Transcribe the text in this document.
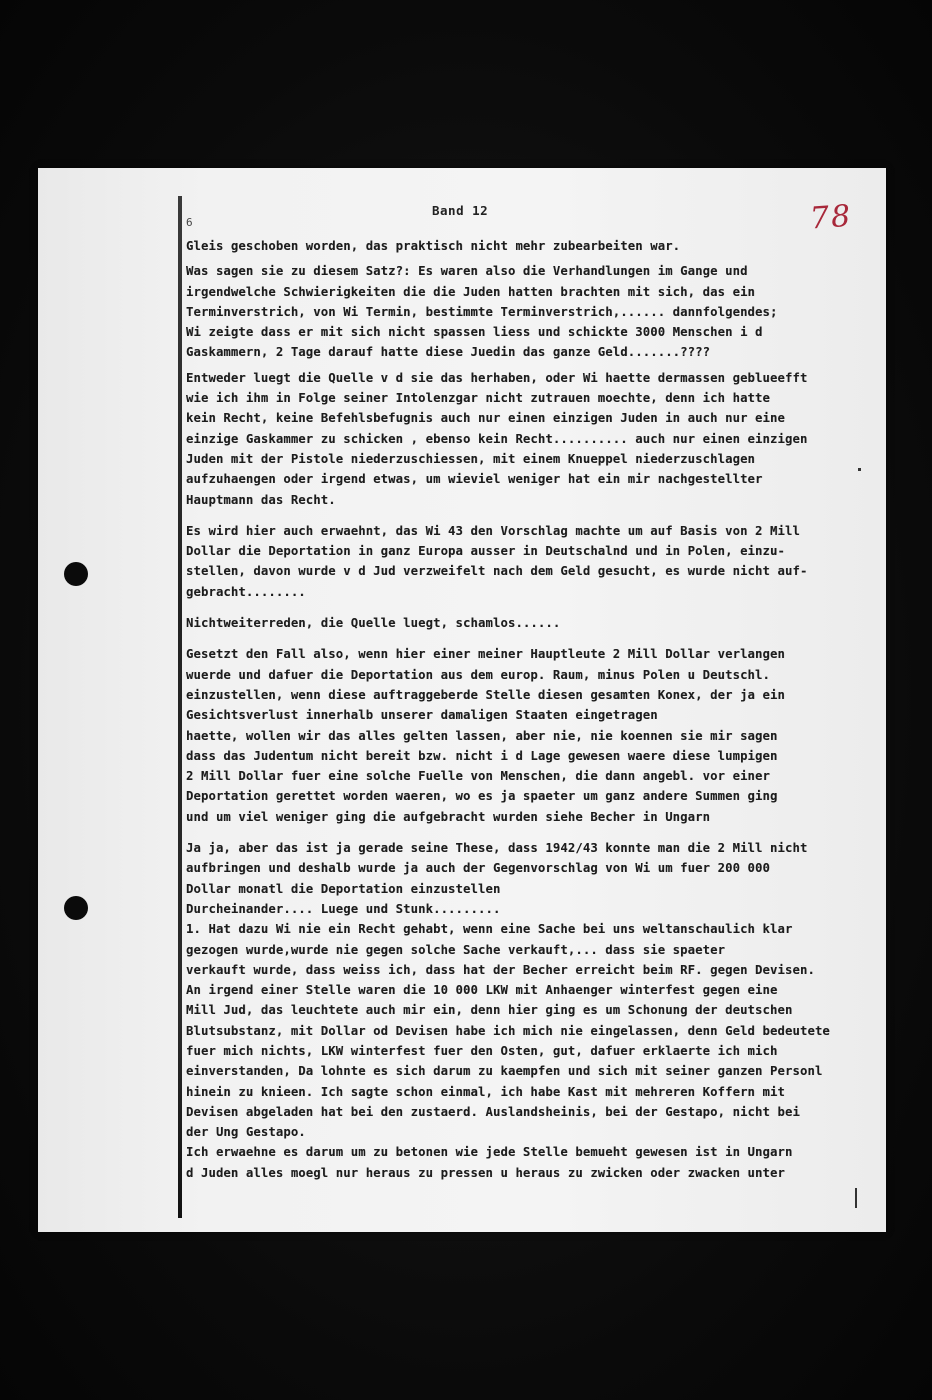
6
Band 12	78
Gleis geschoben worden, das praktisch nicht mehr zubearbeiten war.
Was sagen sie zu diesem Satz?: Es waren also die Verhandlungen im Gange und
irgendwelche Schwierigkeiten die die Juden hatten brachten mit sich, das ein
Terminverstrich, von Wi Termin, bestimmte Terminverstrich,...... dannfolgendes;
Wi zeigte dass er mit sich nicht spassen liess und schickte 3000 Menschen i d
Gaskammern, 2 Tage darauf hatte diese Juedin das ganze Geld.......????
Entweder luegt die Quelle v d sie das herhaben, oder Wi haette dermassen geblueefft
wie ich ihm in Folge seiner Intolenzgar nicht zutrauen moechte, denn ich hatte
kein Recht, keine Befehlsbefugnis auch nur einen einzigen Juden in auch nur eine
einzige Gaskammer zu schicken , ebenso kein Recht.......... auch nur einen einzigen
Juden mit der Pistole niederzuschiessen, mit einem Knueppel niederzuschlagen
aufzuhaengen oder irgend etwas, um wieviel weniger hat ein mir nachgestellter
Hauptmann das Recht.
Es wird hier auch erwaehnt, das Wi 43 den Vorschlag machte um auf Basis von 2 Mill
Dollar die Deportation in ganz Europa ausser in Deutschalnd und in Polen, einzu-
stellen, davon wurde v d Jud verzweifelt nach dem Geld gesucht, es wurde nicht auf-
gebracht........
Nichtweiterreden, die Quelle luegt, schamlos......
Gesetzt den Fall also, wenn hier einer meiner Hauptleute 2 Mill Dollar verlangen
wuerde und dafuer die Deportation aus dem europ. Raum, minus Polen u Deutschl.
einzustellen, wenn diese auftraggeberde Stelle diesen gesamten Konex, der ja ein
Gesichtsverlust innerhalb unserer damaligen Staaten eingetragen
haette, wollen wir das alles gelten lassen, aber nie, nie koennen sie mir sagen
dass das Judentum nicht bereit bzw. nicht i d Lage gewesen waere diese lumpigen
2 Mill Dollar fuer eine solche Fuelle von Menschen, die dann angebl. vor einer
Deportation gerettet worden waeren, wo es ja spaeter um ganz andere Summen ging
und um viel weniger ging die aufgebracht wurden siehe Becher in Ungarn
Ja ja, aber das ist ja gerade seine These, dass 1942/43 konnte man die 2 Mill nicht
aufbringen und deshalb wurde ja auch der Gegenvorschlag von Wi um fuer 200 000
Dollar monatl die Deportation einzustellen
Durcheinander.... Luege und Stunk.........
1. Hat dazu Wi nie ein Recht gehabt, wenn eine Sache bei uns weltanschaulich klar
gezogen wurde,wurde nie gegen solche Sache verkauft,... dass sie spaeter
verkauft wurde, dass weiss ich, dass hat der Becher erreicht beim RF. gegen Devisen.
An irgend einer Stelle waren die 10 000 LKW mit Anhaenger winterfest gegen eine
Mill Jud, das leuchtete auch mir ein, denn hier ging es um Schonung der deutschen
Blutsubstanz, mit Dollar od Devisen habe ich mich nie eingelassen, denn Geld bedeutete
fuer mich nichts, LKW winterfest fuer den Osten, gut, dafuer erklaerte ich mich
einverstanden, Da lohnte es sich darum zu kaempfen und sich mit seiner ganzen Personl
hinein zu knieen. Ich sagte schon einmal, ich habe Kast mit mehreren Koffern mit
Devisen abgeladen hat bei den zustaerd. Auslandsheinis, bei der Gestapo, nicht bei
der Ung Gestapo.
Ich erwaehne es darum um zu betonen wie jede Stelle bemueht gewesen ist in Ungarn
d Juden alles moegl nur heraus zu pressen u heraus zu zwicken oder zwacken unter
